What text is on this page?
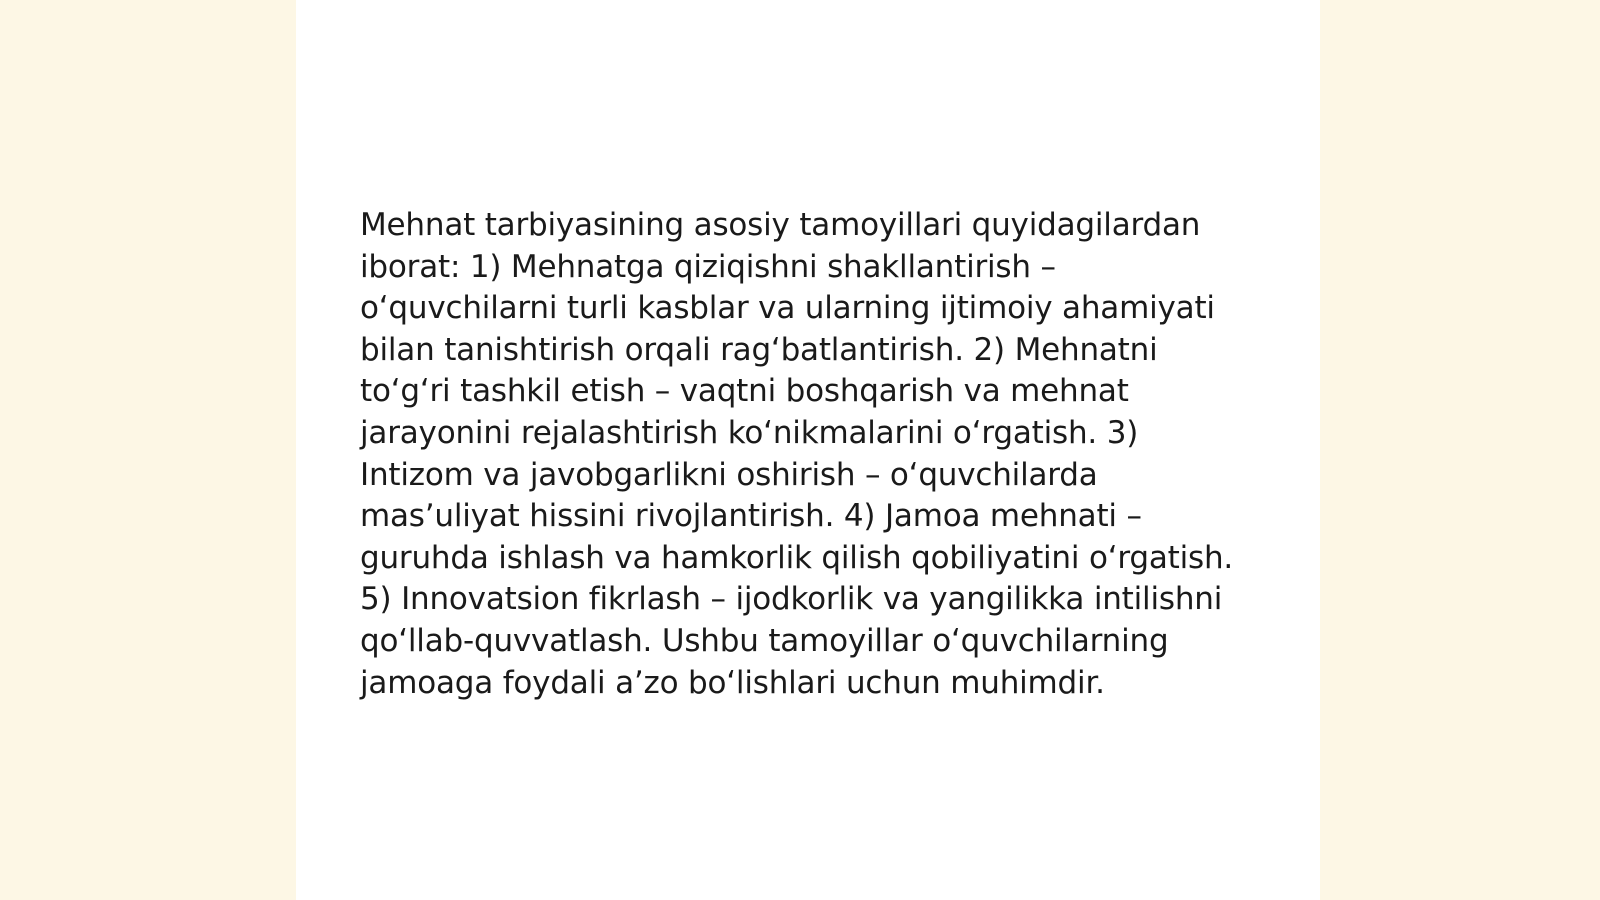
Mehnat tarbiyasining asosiy tamoyillari quyidagilardan iborat: 1) Mehnatga qiziqishni shakllantirish – o‘quvchilarni turli kasblar va ularning ijtimoiy ahamiyati bilan tanishtirish orqali rag‘batlantirish. 2) Mehnatni to‘g‘ri tashkil etish – vaqtni boshqarish va mehnat jarayonini rejalashtirish ko‘nikmalarini o‘rgatish. 3) Intizom va javobgarlikni oshirish – o‘quvchilarda mas’uliyat hissini rivojlantirish. 4) Jamoa mehnati – guruhda ishlash va hamkorlik qilish qobiliyatini o‘rgatish. 5) Innovatsion fikrlash – ijodkorlik va yangilikka intilishni qo‘llab-quvvatlash. Ushbu tamoyillar o‘quvchilarning jamoaga foydali a’zo bo‘lishlari uchun muhimdir.
